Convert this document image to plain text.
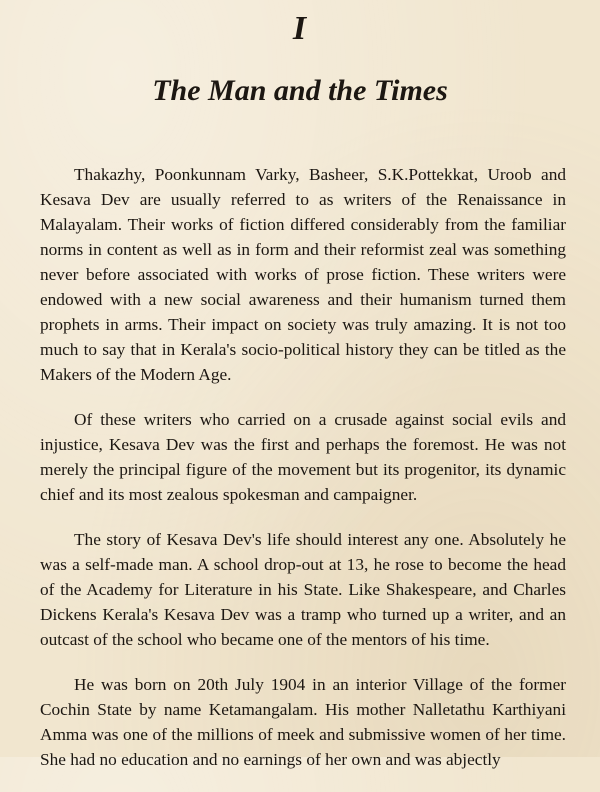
I
The Man and the Times

Thakazhy, Poonkunnam Varky, Basheer, S.K.Pottekkat, Uroob and Kesava Dev are usually referred to as writers of the Renaissance in Malayalam. Their works of fiction differed considerably from the familiar norms in content as well as in form and their reformist zeal was something never before associated with works of prose fiction. These writers were endowed with a new social awareness and their humanism turned them prophets in arms. Their impact on society was truly amazing. It is not too much to say that in Kerala's socio-political history they can be titled as the Makers of the Modern Age.

Of these writers who carried on a crusade against social evils and injustice, Kesava Dev was the first and perhaps the foremost. He was not merely the principal figure of the movement but its progenitor, its dynamic chief and its most zealous spokesman and campaigner.

The story of Kesava Dev's life should interest any one. Absolutely he was a self-made man. A school drop-out at 13, he rose to become the head of the Academy for Literature in his State. Like Shakespeare, and Charles Dickens Kerala's Kesava Dev was a tramp who turned up a writer, and an outcast of the school who became one of the mentors of his time.

He was born on 20th July 1904 in an interior Village of the former Cochin State by name Ketamangalam. His mother Nalletathu Karthiyani Amma was one of the millions of meek and submissive women of her time. She had no education and no earnings of her own and was abjectly
